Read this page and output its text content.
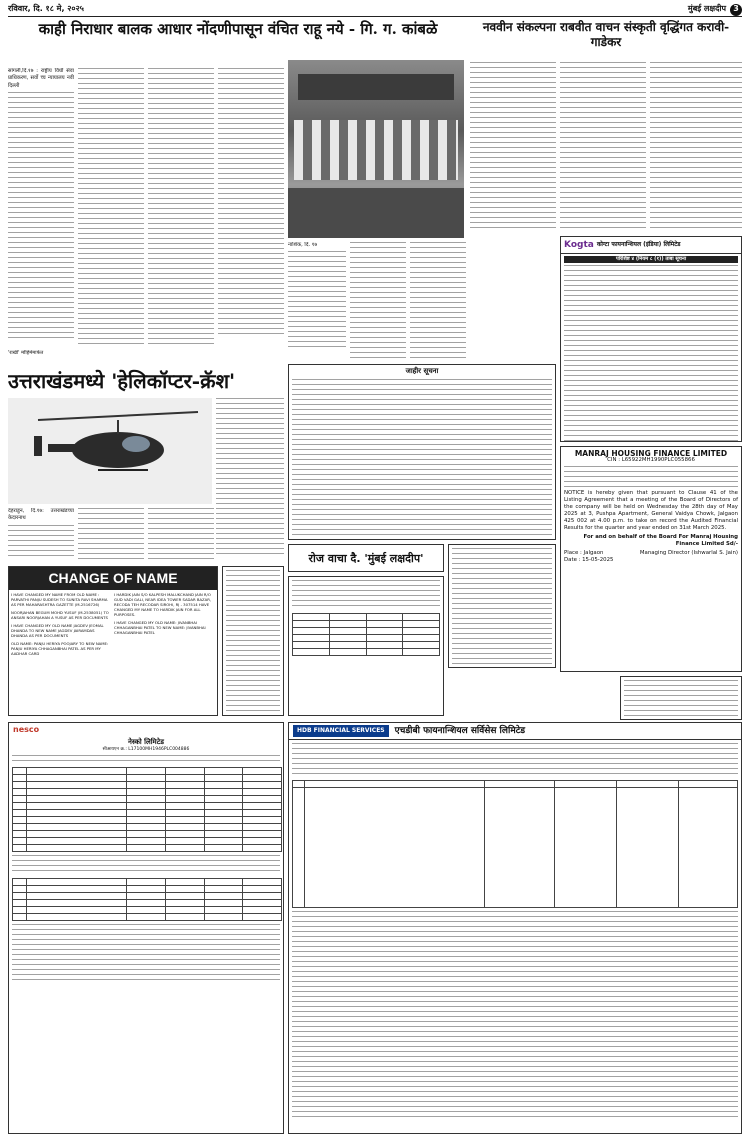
रविवार, दि. १८ मे, २०२५	मुंबई लक्षदीप 3
काही निराधार बालक आधार नोंदणीपासून वंचित राहू नये - गि. ग. कांबळे	नववीन संकल्पना राबवीत वाचन संस्कृती वृद्धिंगत करावी- गाडेकर
सांगली,दि.१७ : राष्ट्रीय विधी सेवा प्राधिकरण, सर्वो च्च न्यायालय नवी दिल्ली
'राखी' मोहिमेमार्फत
नाशिक, दि. १७	Kogta कोग्टा फायनान्शियल (इंडिया) लिमिटेड
परिशिष्ट ४ (नियम ८ (१)) ताबा सूचना
जाहीर सूचना
उत्तराखंडमध्ये 'हेलिकॉप्टर-क्रॅश'
देहराडून, दि.१७: उत्तराखंडच्या केदारनाथ
CHANGE OF NAME
I HAVE CHANGED MY NAME FROM OLD NAME : PARVATHI PANJU SUDESH TO SUNITA RAVI SHARMA AS PER MAHARASHTRA GAZETTE (M-2516726)
NOORJAHAN BEGUM MOHD YUSUF (M-2538051) TO ANSARI NOORJAHAN A YUSUF AS PER DOCUMENTS
I HAVE CHANGED MY OLD NAME JAGDEV JEOMAL DHANDA TO NEW NAME JAGDEV JAIRAMDAS DHANDA AS PER DOCUMENTS
OLD NAME: PANJU HERIYA POOJARY TO NEW NAME: PANJU HERIYA CHHAGANBHAI PATEL AS PER MY AADHAR CARD
I HARDIK JAIN S/O KALPESH MALUKCHAND JAIN R/O GUD VADI GALI, NEAR IDEA TOWER SADAR BAZAR, RECODA TEH RECODAR SIROHI, RJ - 307514 HAVE CHANGED MY NAME TO HARDIK JAIN FOR ALL PURPOSES.
I HAVE CHANGED MY OLD NAME: JIVANBHAI CHHAGANBHAI PATEL TO NEW NAME: JIVANBHAI CHHAGANBHAI PATEL
रोज वाचा दै. 'मुंबई लक्षदीप'

MANRAJ HOUSING FINANCE LIMITED
CIN : L65922MH1990PLC055866
NOTICE is hereby given that pursuant to Clause 41 of the Listing Agreement that a meeting of the Board of Directors of the company will be held on Wednesday the 28th day of May 2025 at 3, Pushpa Apartment, General Vaidya Chowk, Jalgaon 425 002 at 4.00 p.m. to take on record the Audited Financial Results for the quarter and year ended on 31st March 2025.
For and on behalf of the Board For Manraj Housing Finance Limited Sd/-
Place : Jalgaon
Date : 15-05-2025
Managing Director (Ishwarlal S. Jain)
HDB FINANCIAL SERVICES	एचडीबी फायनान्शियल सर्विसेस लिमिटेड

nesco
नेस्को लिमिटेड
सीआयएन क्र.: L17100MH1946PLC004886
